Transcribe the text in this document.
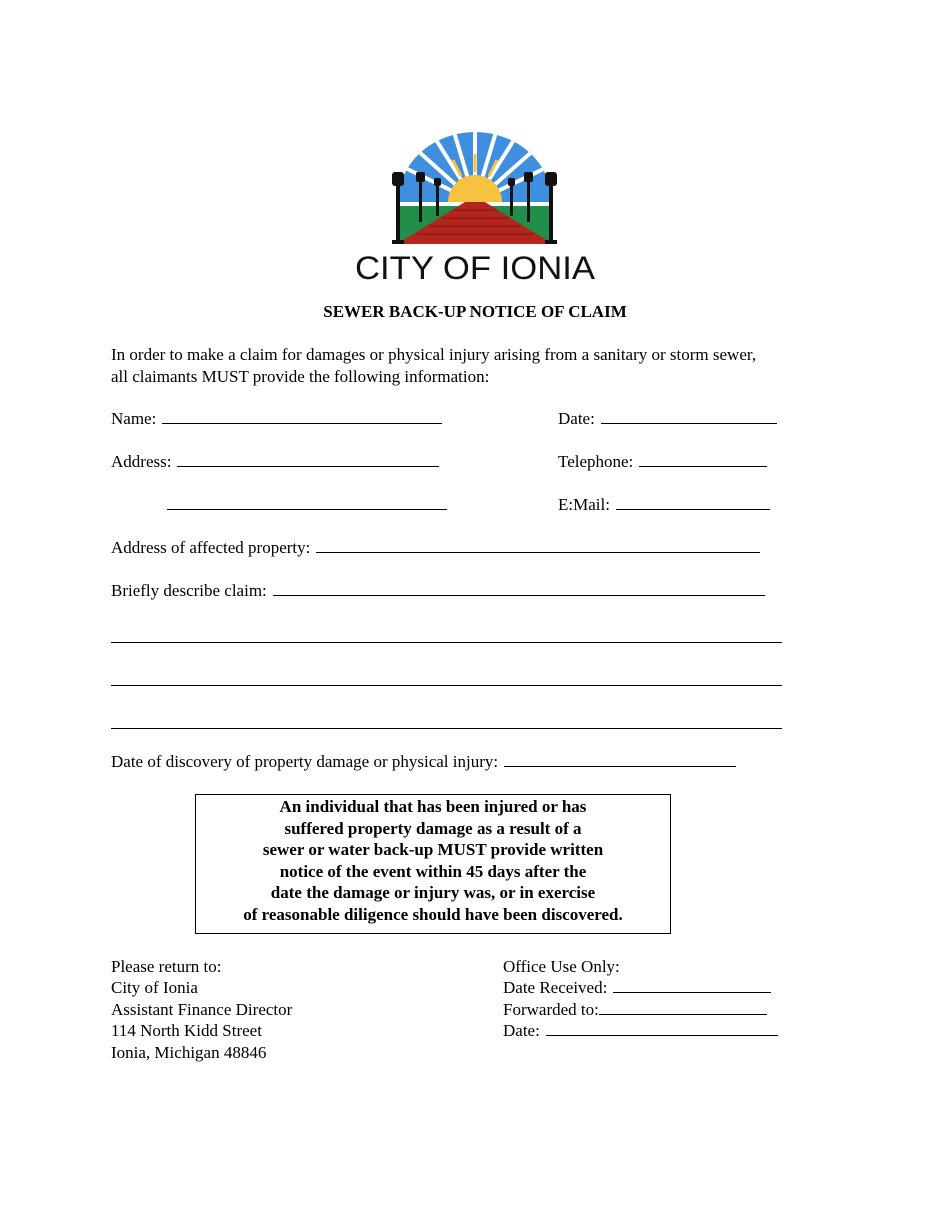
CITY OF IONIA
SEWER BACK-UP NOTICE OF CLAIM
In order to make a claim for damages or physical injury arising from a sanitary or storm sewer,
all claimants MUST provide the following information:
Name:	Date:
Address:	Telephone:
E:Mail:
Address of affected property:
Briefly describe claim:
Date of discovery of property damage or physical injury:
An individual that has been injured or has
suffered property damage as a result of a
sewer or water back-up MUST provide written
notice of the event within 45 days after the
date the damage or injury was, or in exercise
of reasonable diligence should have been discovered.
Please return to:
City of Ionia
Assistant Finance Director
114 North Kidd Street
Ionia, Michigan 48846
Office Use Only:
Date Received:
Forwarded to:
Date:
